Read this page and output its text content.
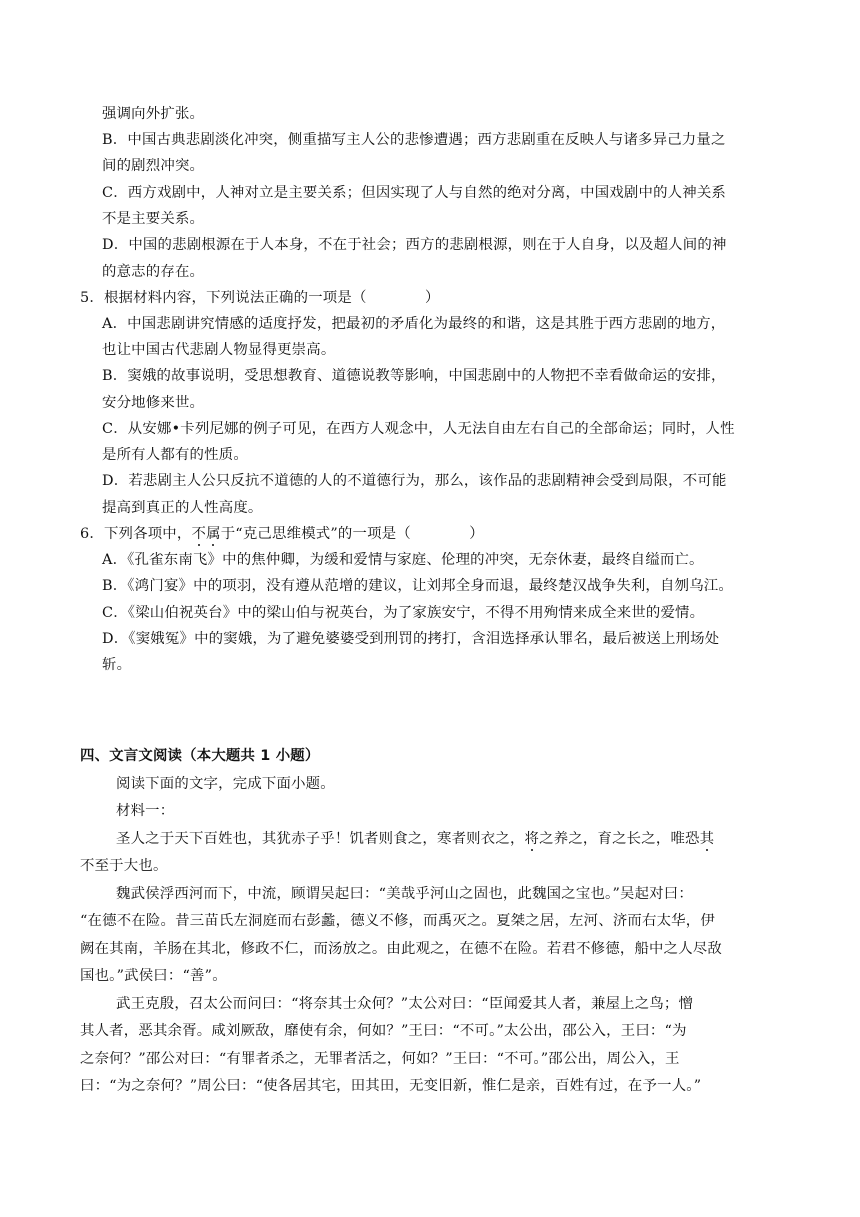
强调向外扩张。
B．中国古典悲剧淡化冲突，侧重描写主人公的悲惨遭遇；西方悲剧重在反映人与诸多异己力量之
间的剧烈冲突。
C．西方戏剧中，人神对立是主要关系；但因实现了人与自然的绝对分离，中国戏剧中的人神关系
不是主要关系。
D．中国的悲剧根源在于人本身，不在于社会；西方的悲剧根源，则在于人自身，以及超人间的神
的意志的存在。
5．根据材料内容，下列说法正确的一项是（　　　　）
A．中国悲剧讲究情感的适度抒发，把最初的矛盾化为最终的和谐，这是其胜于西方悲剧的地方，
也让中国古代悲剧人物显得更崇高。
B．窦娥的故事说明，受思想教育、道德说教等影响，中国悲剧中的人物把不幸看做命运的安排，
安分地修来世。
C．从安娜•卡列尼娜的例子可见，在西方人观念中，人无法自由左右自己的全部命运；同时，人性
是所有人都有的性质。
D．若悲剧主人公只反抗不道德的人的不道德行为，那么，该作品的悲剧精神会受到局限，不可能
提高到真正的人性高度。
6．下列各项中，不属于“克己思维模式”的一项是（　　　　）
A．《孔雀东南飞》中的焦仲卿，为缓和爱情与家庭、伦理的冲突，无奈休妻，最终自缢而亡。
B．《鸿门宴》中的项羽，没有遵从范增的建议，让刘邦全身而退，最终楚汉战争失利，自刎乌江。
C．《梁山伯祝英台》中的梁山伯与祝英台，为了家族安宁，不得不用殉情来成全来世的爱情。
D．《窦娥冤》中的窦娥，为了避免婆婆受到刑罚的拷打，含泪选择承认罪名，最后被送上刑场处
斩。
四、文言文阅读（本大题共 1 小题）
阅读下面的文字，完成下面小题。
材料一：
圣人之于天下百姓也，其犹赤子乎！饥者则食之，寒者则衣之，将之养之，育之长之，唯恐其
不至于大也。
魏武侯浮西河而下，中流，顾谓吴起曰：“美哉乎河山之固也，此魏国之宝也。”吴起对曰：
“在德不在险。昔三苗氏左洞庭而右彭蠡，德义不修，而禹灭之。夏桀之居，左河、济而右太华，伊
阙在其南，羊肠在其北，修政不仁，而汤放之。由此观之，在德不在险。若君不修德，船中之人尽敌
国也。”武侯曰：“善”。
武王克殷，召太公而问曰：“将奈其士众何？”太公对曰：“臣闻爱其人者，兼屋上之鸟；憎
其人者，恶其余胥。咸刘厥敌，靡使有余，何如？”王曰：“不可。”太公出，邵公入，王曰：“为
之奈何？”邵公对曰：“有罪者杀之，无罪者活之，何如？”王曰：“不可。”邵公出，周公入，王
曰：“为之奈何？”周公曰：“使各居其宅，田其田，无变旧新，惟仁是亲，百姓有过，在予一人。”
